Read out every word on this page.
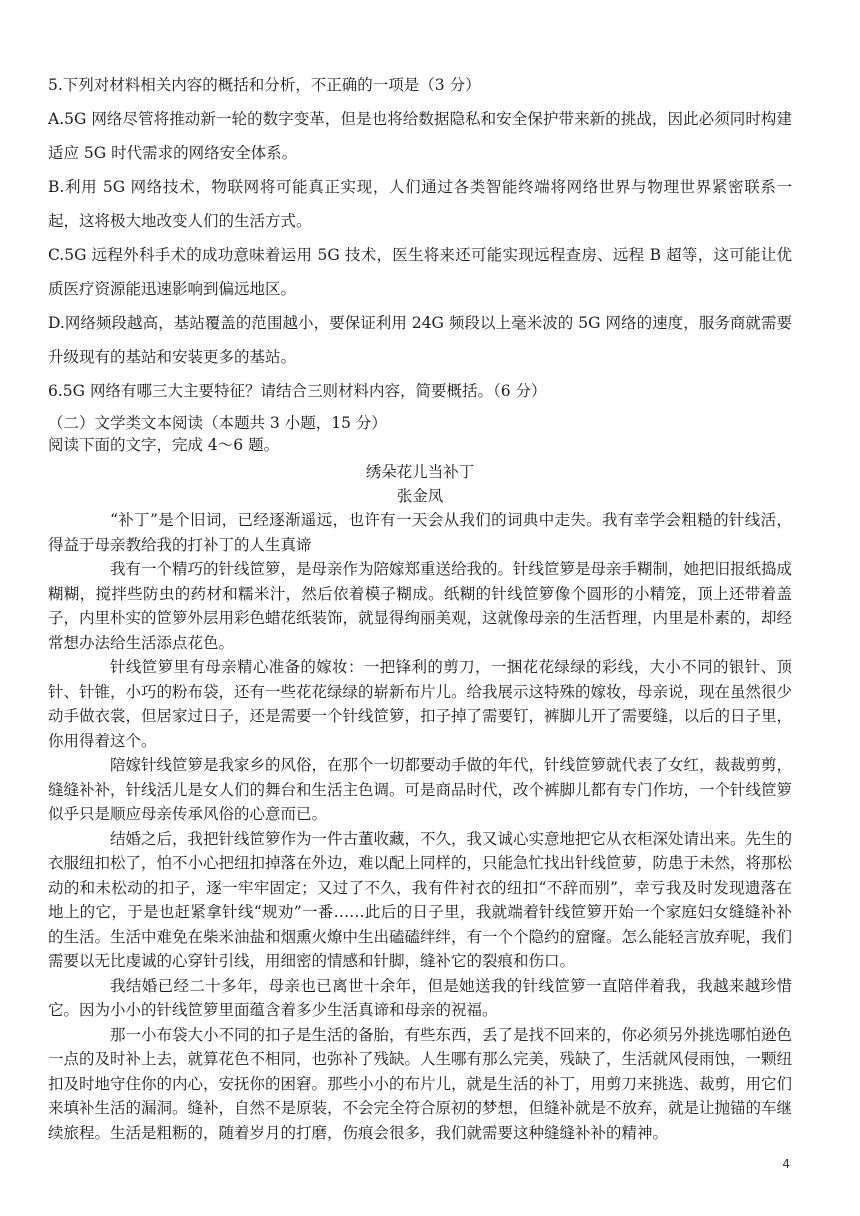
5.下列对材料相关内容的概括和分析，不正确的一项是（3 分）

A.5G 网络尽管将推动新一轮的数字变革，但是也将给数据隐私和安全保护带来新的挑战，因此必须同时构建适应 5G 时代需求的网络安全体系。

B.利用 5G 网络技术，物联网将可能真正实现，人们通过各类智能终端将网络世界与物理世界紧密联系一起，这将极大地改变人们的生活方式。

C.5G 远程外科手术的成功意味着运用 5G 技术，医生将来还可能实现远程查房、远程 B 超等，这可能让优质医疗资源能迅速影响到偏远地区。

D.网络频段越高，基站覆盖的范围越小，要保证利用 24G 频段以上毫米波的 5G 网络的速度，服务商就需要升级现有的基站和安装更多的基站。

6.5G 网络有哪三大主要特征？请结合三则材料内容，简要概括。（6 分）

（二）文学类文本阅读（本题共 3 小题，15 分）

阅读下面的文字，完成 4～6 题。

绣朵花儿当补丁

张金凤

“补丁”是个旧词，已经逐渐遥远，也许有一天会从我们的词典中走失。我有幸学会粗糙的针线活，得益于母亲教给我的打补丁的人生真谛

我有一个精巧的针线笸箩，是母亲作为陪嫁郑重送给我的。针线笸箩是母亲手糊制，她把旧报纸捣成糊糊，搅拌些防虫的药材和糯米汁，然后依着模子糊成。纸糊的针线笸箩像个圆形的小精笼，顶上还带着盖子，内里朴实的笸箩外层用彩色蜡花纸装饰，就显得绚丽美观，这就像母亲的生活哲理，内里是朴素的，却经常想办法给生活添点花色。

针线笸箩里有母亲精心准备的嫁妆：一把锋利的剪刀，一捆花花绿绿的彩线，大小不同的银针、顶针、针锥，小巧的粉布袋，还有一些花花绿绿的崭新布片儿。给我展示这特殊的嫁妆，母亲说，现在虽然很少动手做衣裳，但居家过日子，还是需要一个针线笸箩，扣子掉了需要钉，裤脚儿开了需要缝，以后的日子里，你用得着这个。

陪嫁针线笸箩是我家乡的风俗，在那个一切都要动手做的年代，针线笸箩就代表了女红，裁裁剪剪，缝缝补补，针线活儿是女人们的舞台和生活主色调。可是商品时代，改个裤脚儿都有专门作坊，一个针线笸箩似乎只是顺应母亲传承风俗的心意而已。

结婚之后，我把针线笸箩作为一件古董收藏，不久，我又诚心实意地把它从衣柜深处请出来。先生的衣服纽扣松了，怕不小心把纽扣掉落在外边，难以配上同样的，只能急忙找出针线笸萝，防患于未然，将那松动的和未松动的扣子，逐一牢牢固定；又过了不久，我有件衬衣的纽扣“不辞而别”，幸亏我及时发现遗落在地上的它，于是也赶紧拿针线“规劝”一番……此后的日子里，我就端着针线笸箩开始一个家庭妇女缝缝补补的生活。生活中难免在柴米油盐和烟熏火燎中生出磕磕绊绊，有一个个隐约的窟窿。怎么能轻言放弃呢，我们需要以无比虔诚的心穿针引线，用细密的情感和针脚，缝补它的裂痕和伤口。

我结婚已经二十多年，母亲也已离世十余年，但是她送我的针线笸箩一直陪伴着我，我越来越珍惜它。因为小小的针线笸箩里面蕴含着多少生活真谛和母亲的祝福。

那一小布袋大小不同的扣子是生活的备胎，有些东西，丢了是找不回来的，你必须另外挑选哪怕逊色一点的及时补上去，就算花色不相同，也弥补了残缺。人生哪有那么完美，残缺了，生活就风侵雨蚀，一颗纽扣及时地守住你的内心，安抚你的困窘。那些小小的布片儿，就是生活的补丁，用剪刀来挑选、裁剪，用它们来填补生活的漏洞。缝补，自然不是原装，不会完全符合原初的梦想，但缝补就是不放弃，就是让抛锚的车继续旅程。生活是粗粝的，随着岁月的打磨，伤痕会很多，我们就需要这种缝缝补补的精神。

4
